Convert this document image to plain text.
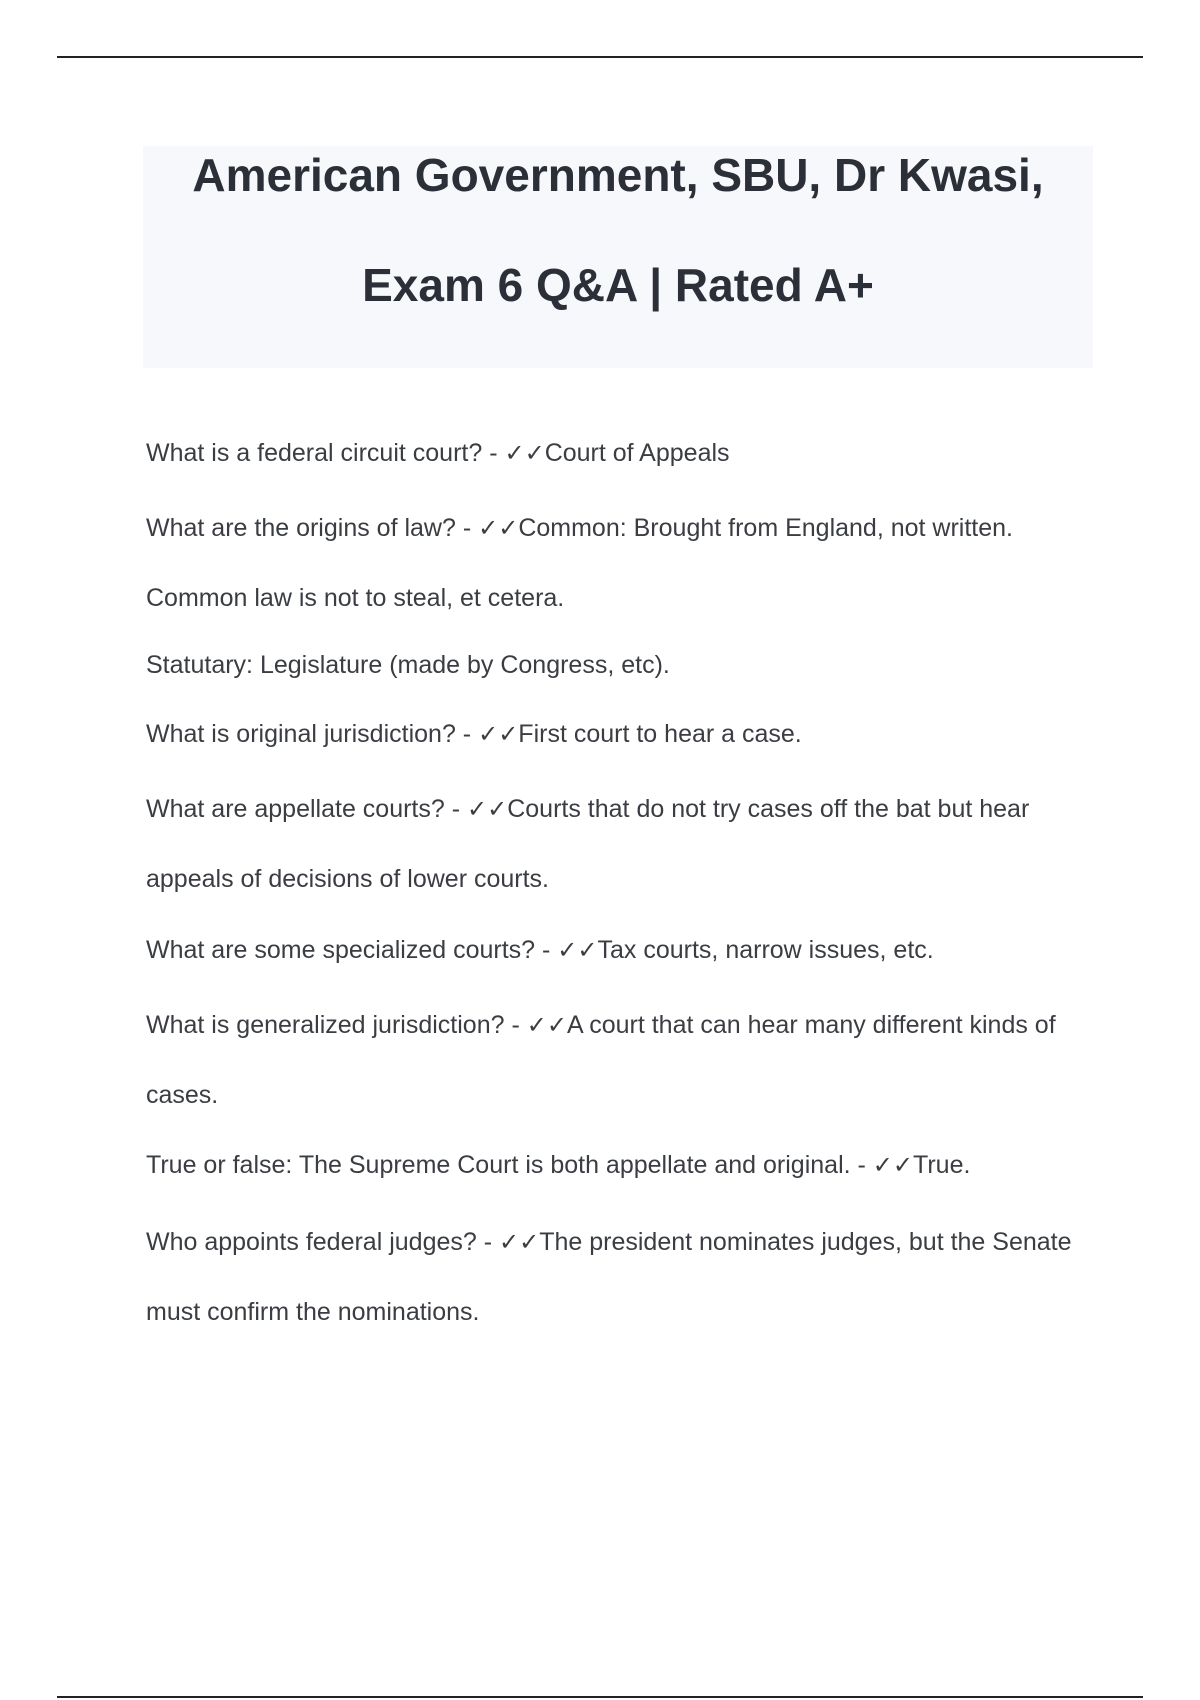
American Government, SBU, Dr Kwasi,
Exam 6 Q&A | Rated A+
What is a federal circuit court? - ✓✓Court of Appeals
What are the origins of law? - ✓✓Common: Brought from England, not written. Common law is not to steal, et cetera.
Statutary: Legislature (made by Congress, etc).
What is original jurisdiction? - ✓✓First court to hear a case.
What are appellate courts? - ✓✓Courts that do not try cases off the bat but hear appeals of decisions of lower courts.
What are some specialized courts? - ✓✓Tax courts, narrow issues, etc.
What is generalized jurisdiction? - ✓✓A court that can hear many different kinds of cases.
True or false: The Supreme Court is both appellate and original. - ✓✓True.
Who appoints federal judges? - ✓✓The president nominates judges, but the Senate must confirm the nominations.
